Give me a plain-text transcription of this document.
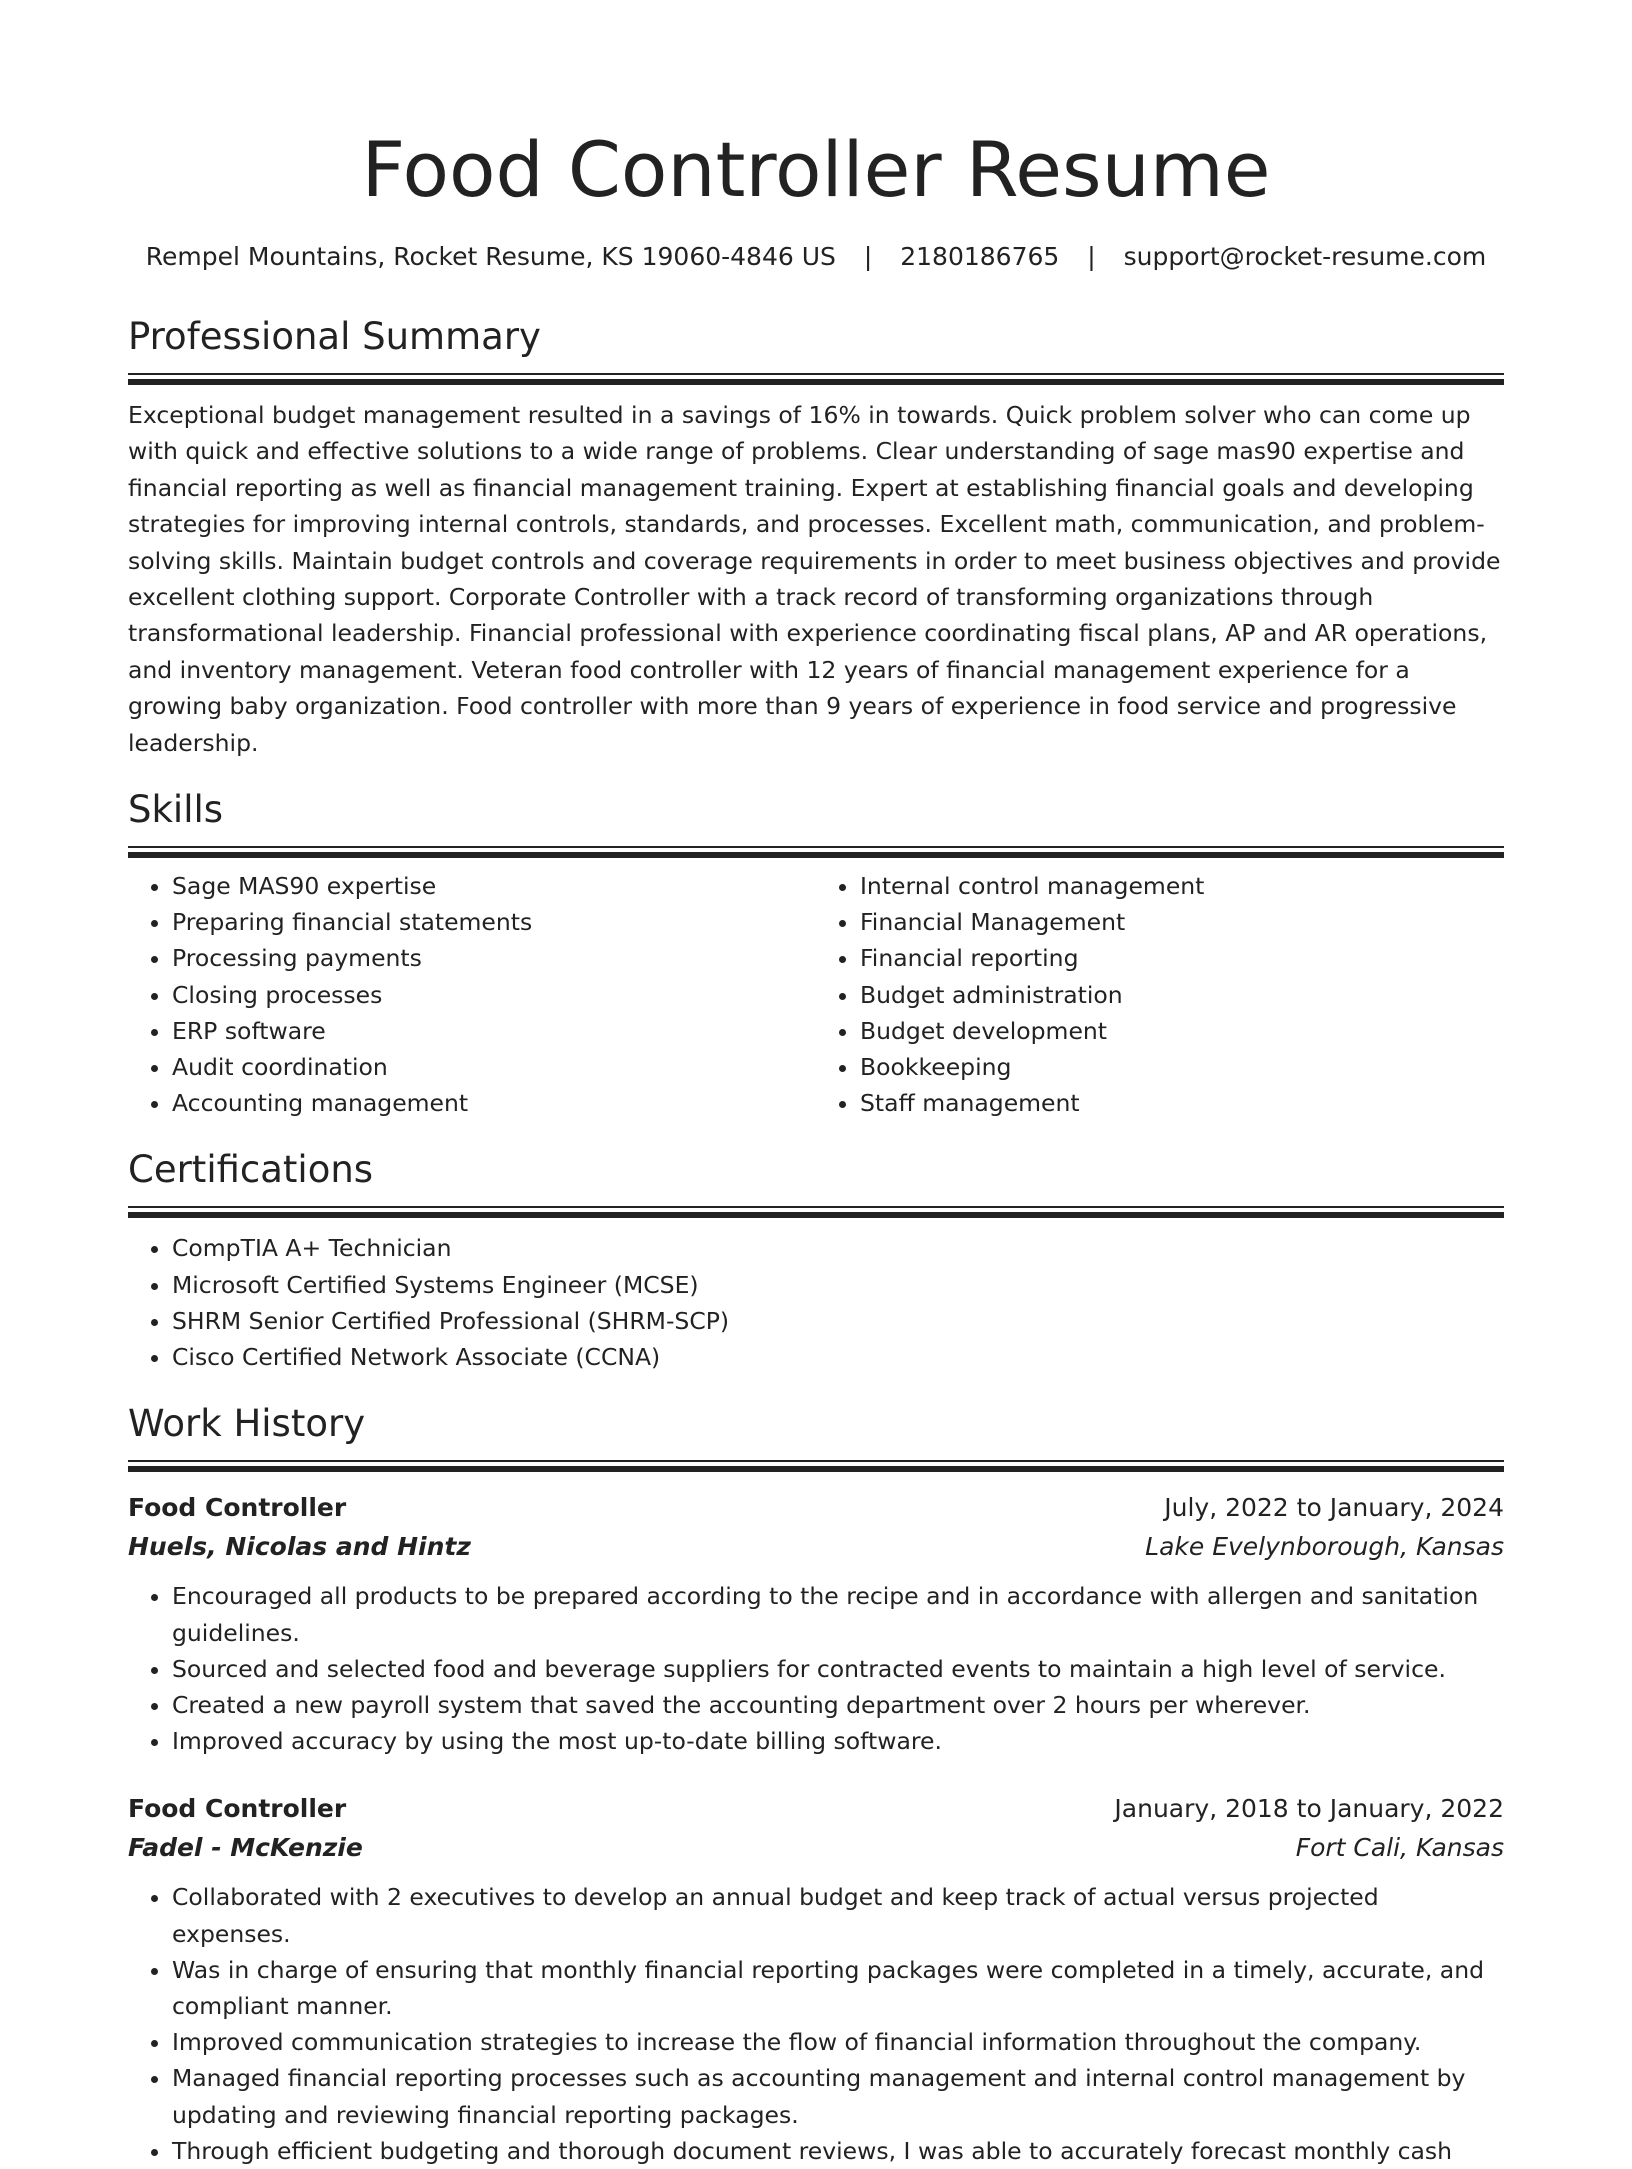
Food Controller Resume
Rempel Mountains, Rocket Resume, KS 19060-4846 US | 2180186765 | support@rocket-resume.com
Professional Summary

Exceptional budget management resulted in a savings of 16% in towards. Quick problem solver who can come up with quick and effective solutions to a wide range of problems. Clear understanding of sage mas90 expertise and financial reporting as well as financial management training. Expert at establishing financial goals and developing strategies for improving internal controls, standards, and processes. Excellent math, communication, and problem-solving skills. Maintain budget controls and coverage requirements in order to meet business objectives and provide excellent clothing support. Corporate Controller with a track record of transforming organizations through transformational leadership. Financial professional with experience coordinating fiscal plans, AP and AR operations, and inventory management. Veteran food controller with 12 years of financial management experience for a growing baby organization. Food controller with more than 9 years of experience in food service and progressive leadership.

Skills
• Sage MAS90 expertise
• Preparing financial statements
• Processing payments
• Closing processes
• ERP software
• Audit coordination
• Accounting management
• Internal control management
• Financial Management
• Financial reporting
• Budget administration
• Budget development
• Bookkeeping
• Staff management
Certifications
• CompTIA A+ Technician
• Microsoft Certified Systems Engineer (MCSE)
• SHRM Senior Certified Professional (SHRM-SCP)
• Cisco Certified Network Associate (CCNA)
Work History
Food Controller	July, 2022 to January, 2024
Huels, Nicolas and Hintz	Lake Evelynborough, Kansas
• Encouraged all products to be prepared according to the recipe and in accordance with allergen and sanitation guidelines.
• Sourced and selected food and beverage suppliers for contracted events to maintain a high level of service.
• Created a new payroll system that saved the accounting department over 2 hours per wherever.
• Improved accuracy by using the most up-to-date billing software.
Food Controller	January, 2018 to January, 2022
Fadel - McKenzie	Fort Cali, Kansas
• Collaborated with 2 executives to develop an annual budget and keep track of actual versus projected expenses.
• Was in charge of ensuring that monthly financial reporting packages were completed in a timely, accurate, and compliant manner.
• Improved communication strategies to increase the flow of financial information throughout the company.
• Managed financial reporting processes such as accounting management and internal control management by updating and reviewing financial reporting packages.
• Through efficient budgeting and thorough document reviews, I was able to accurately forecast monthly cash
